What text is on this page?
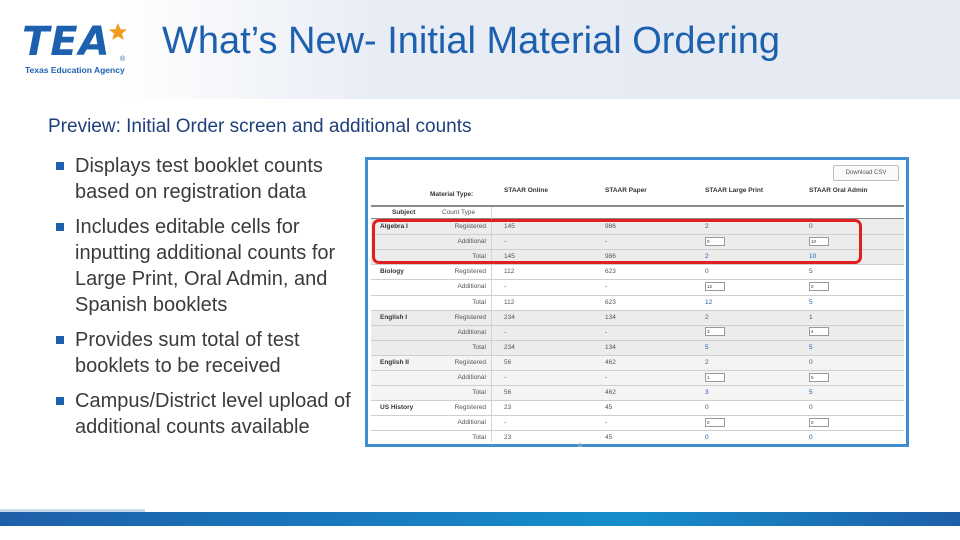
TEA ®
Texas Education Agency
What’s New- Initial Material Ordering
Preview: Initial Order screen and additional counts
Displays test booklet counts based on registration data
Includes editable cells for inputting additional counts for Large Print, Oral Admin, and Spanish booklets
Provides sum total of test booklets to be received
Campus/District level upload of additional counts available
Download CSV
Material Type:
STAAR Online	STAAR Paper	STAAR Large Print	STAAR Oral Admin
Subject	Count Type
Algebra I	Registered	145	986	2	0
Additional	-	-	0	10
Total	145	986	2	10
Biology	Registered	112	623	0	5
Additional	-	-	12	0
Total	112	623	12	5
English I	Registered	234	134	2	1
Additional	-	-	3	4
Total	234	134	5	5
English II	Registered	56	462	2	0
Additional	-	-	1	5
Total	56	462	3	5
US History	Registered	23	45	0	0
Additional	-	-	0	0
Total	23	45	0	0
o
